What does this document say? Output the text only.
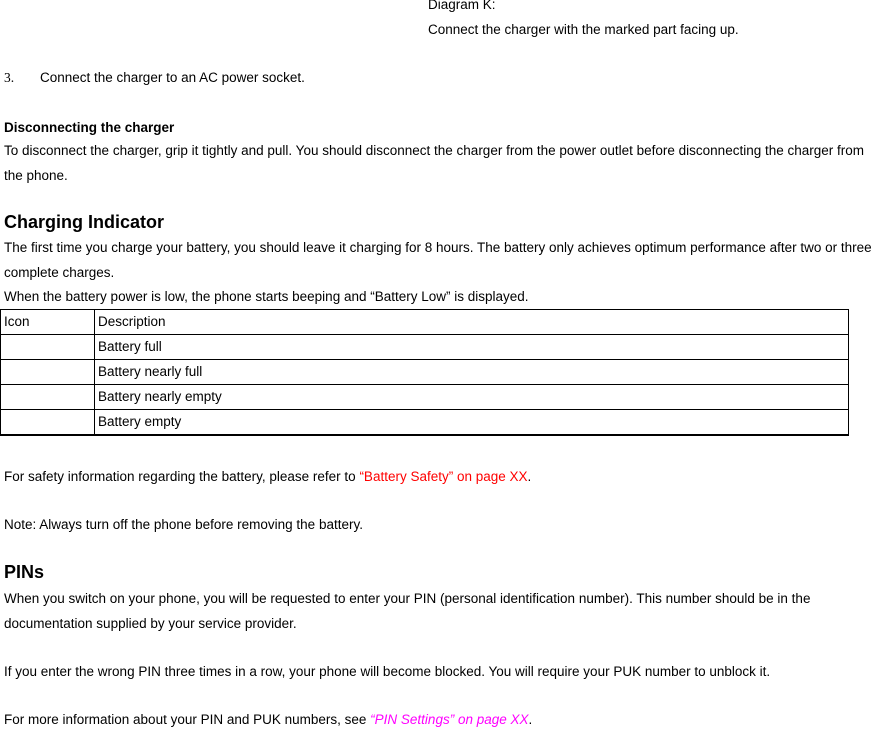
Diagram K:
Connect the charger with the marked part facing up.
3. Connect the charger to an AC power socket.
Disconnecting the charger
To disconnect the charger, grip it tightly and pull. You should disconnect the charger from the power outlet before disconnecting the charger from the phone.
Charging Indicator
The first time you charge your battery, you should leave it charging for 8 hours. The battery only achieves optimum performance after two or three complete charges.
When the battery power is low, the phone starts beeping and “Battery Low” is displayed.
Icon	Description
	Battery full
	Battery nearly full
	Battery nearly empty
	Battery empty
For safety information regarding the battery, please refer to “Battery Safety” on page XX.
Note: Always turn off the phone before removing the battery.
PINs
When you switch on your phone, you will be requested to enter your PIN (personal identification number). This number should be in the documentation supplied by your service provider.
If you enter the wrong PIN three times in a row, your phone will become blocked. You will require your PUK number to unblock it.
For more information about your PIN and PUK numbers, see “PIN Settings” on page XX.
